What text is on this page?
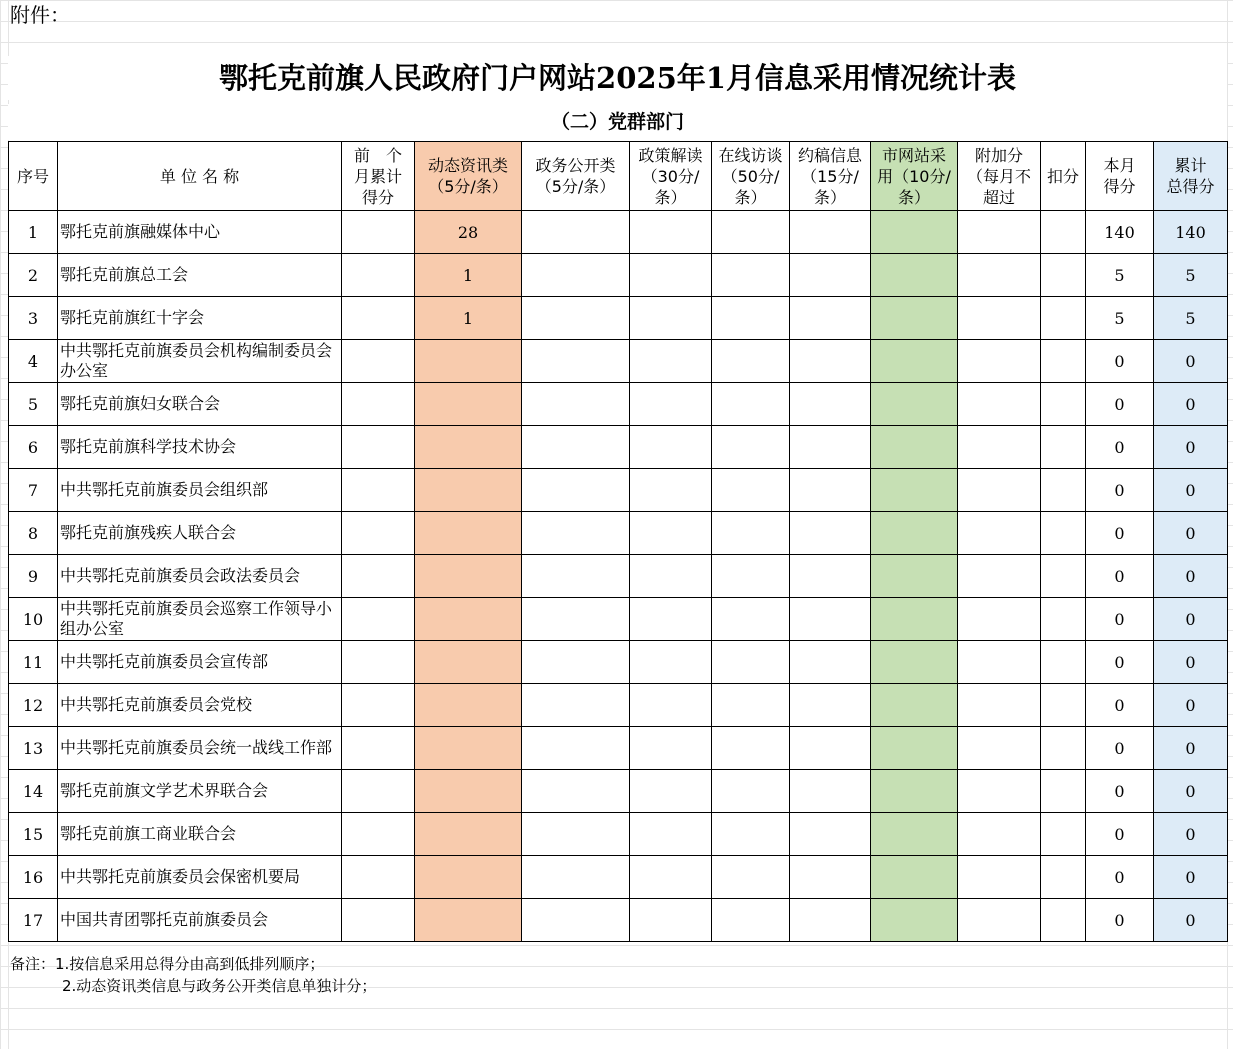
附件：
鄂托克前旗人民政府门户网站2025年1月信息采用情况统计表
（二）党群部门
序号	单 位 名 称	前　个
月累计
得分	动态资讯类
（5分/条）	政务公开类
（5分/条）	政策解读
（30分/
条）	在线访谈
（50分/
条）	约稿信息
（15分/
条）	市网站采
用（10分/
条）	附加分
（每月不
超过	扣分	本月
得分	累计
总得分
1	鄂托克前旗融媒体中心		28								140	140
2	鄂托克前旗总工会		1								5	5
3	鄂托克前旗红十字会		1								5	5
4	中共鄂托克前旗委员会机构编制委员会办公室										0	0
5	鄂托克前旗妇女联合会										0	0
6	鄂托克前旗科学技术协会										0	0
7	中共鄂托克前旗委员会组织部										0	0
8	鄂托克前旗残疾人联合会										0	0
9	中共鄂托克前旗委员会政法委员会										0	0
10	中共鄂托克前旗委员会巡察工作领导小组办公室										0	0
11	中共鄂托克前旗委员会宣传部										0	0
12	中共鄂托克前旗委员会党校										0	0
13	中共鄂托克前旗委员会统一战线工作部										0	0
14	鄂托克前旗文学艺术界联合会										0	0
15	鄂托克前旗工商业联合会										0	0
16	中共鄂托克前旗委员会保密机要局										0	0
17	中国共青团鄂托克前旗委员会										0	0
备注：1.按信息采用总得分由高到低排列顺序；
2.动态资讯类信息与政务公开类信息单独计分；
